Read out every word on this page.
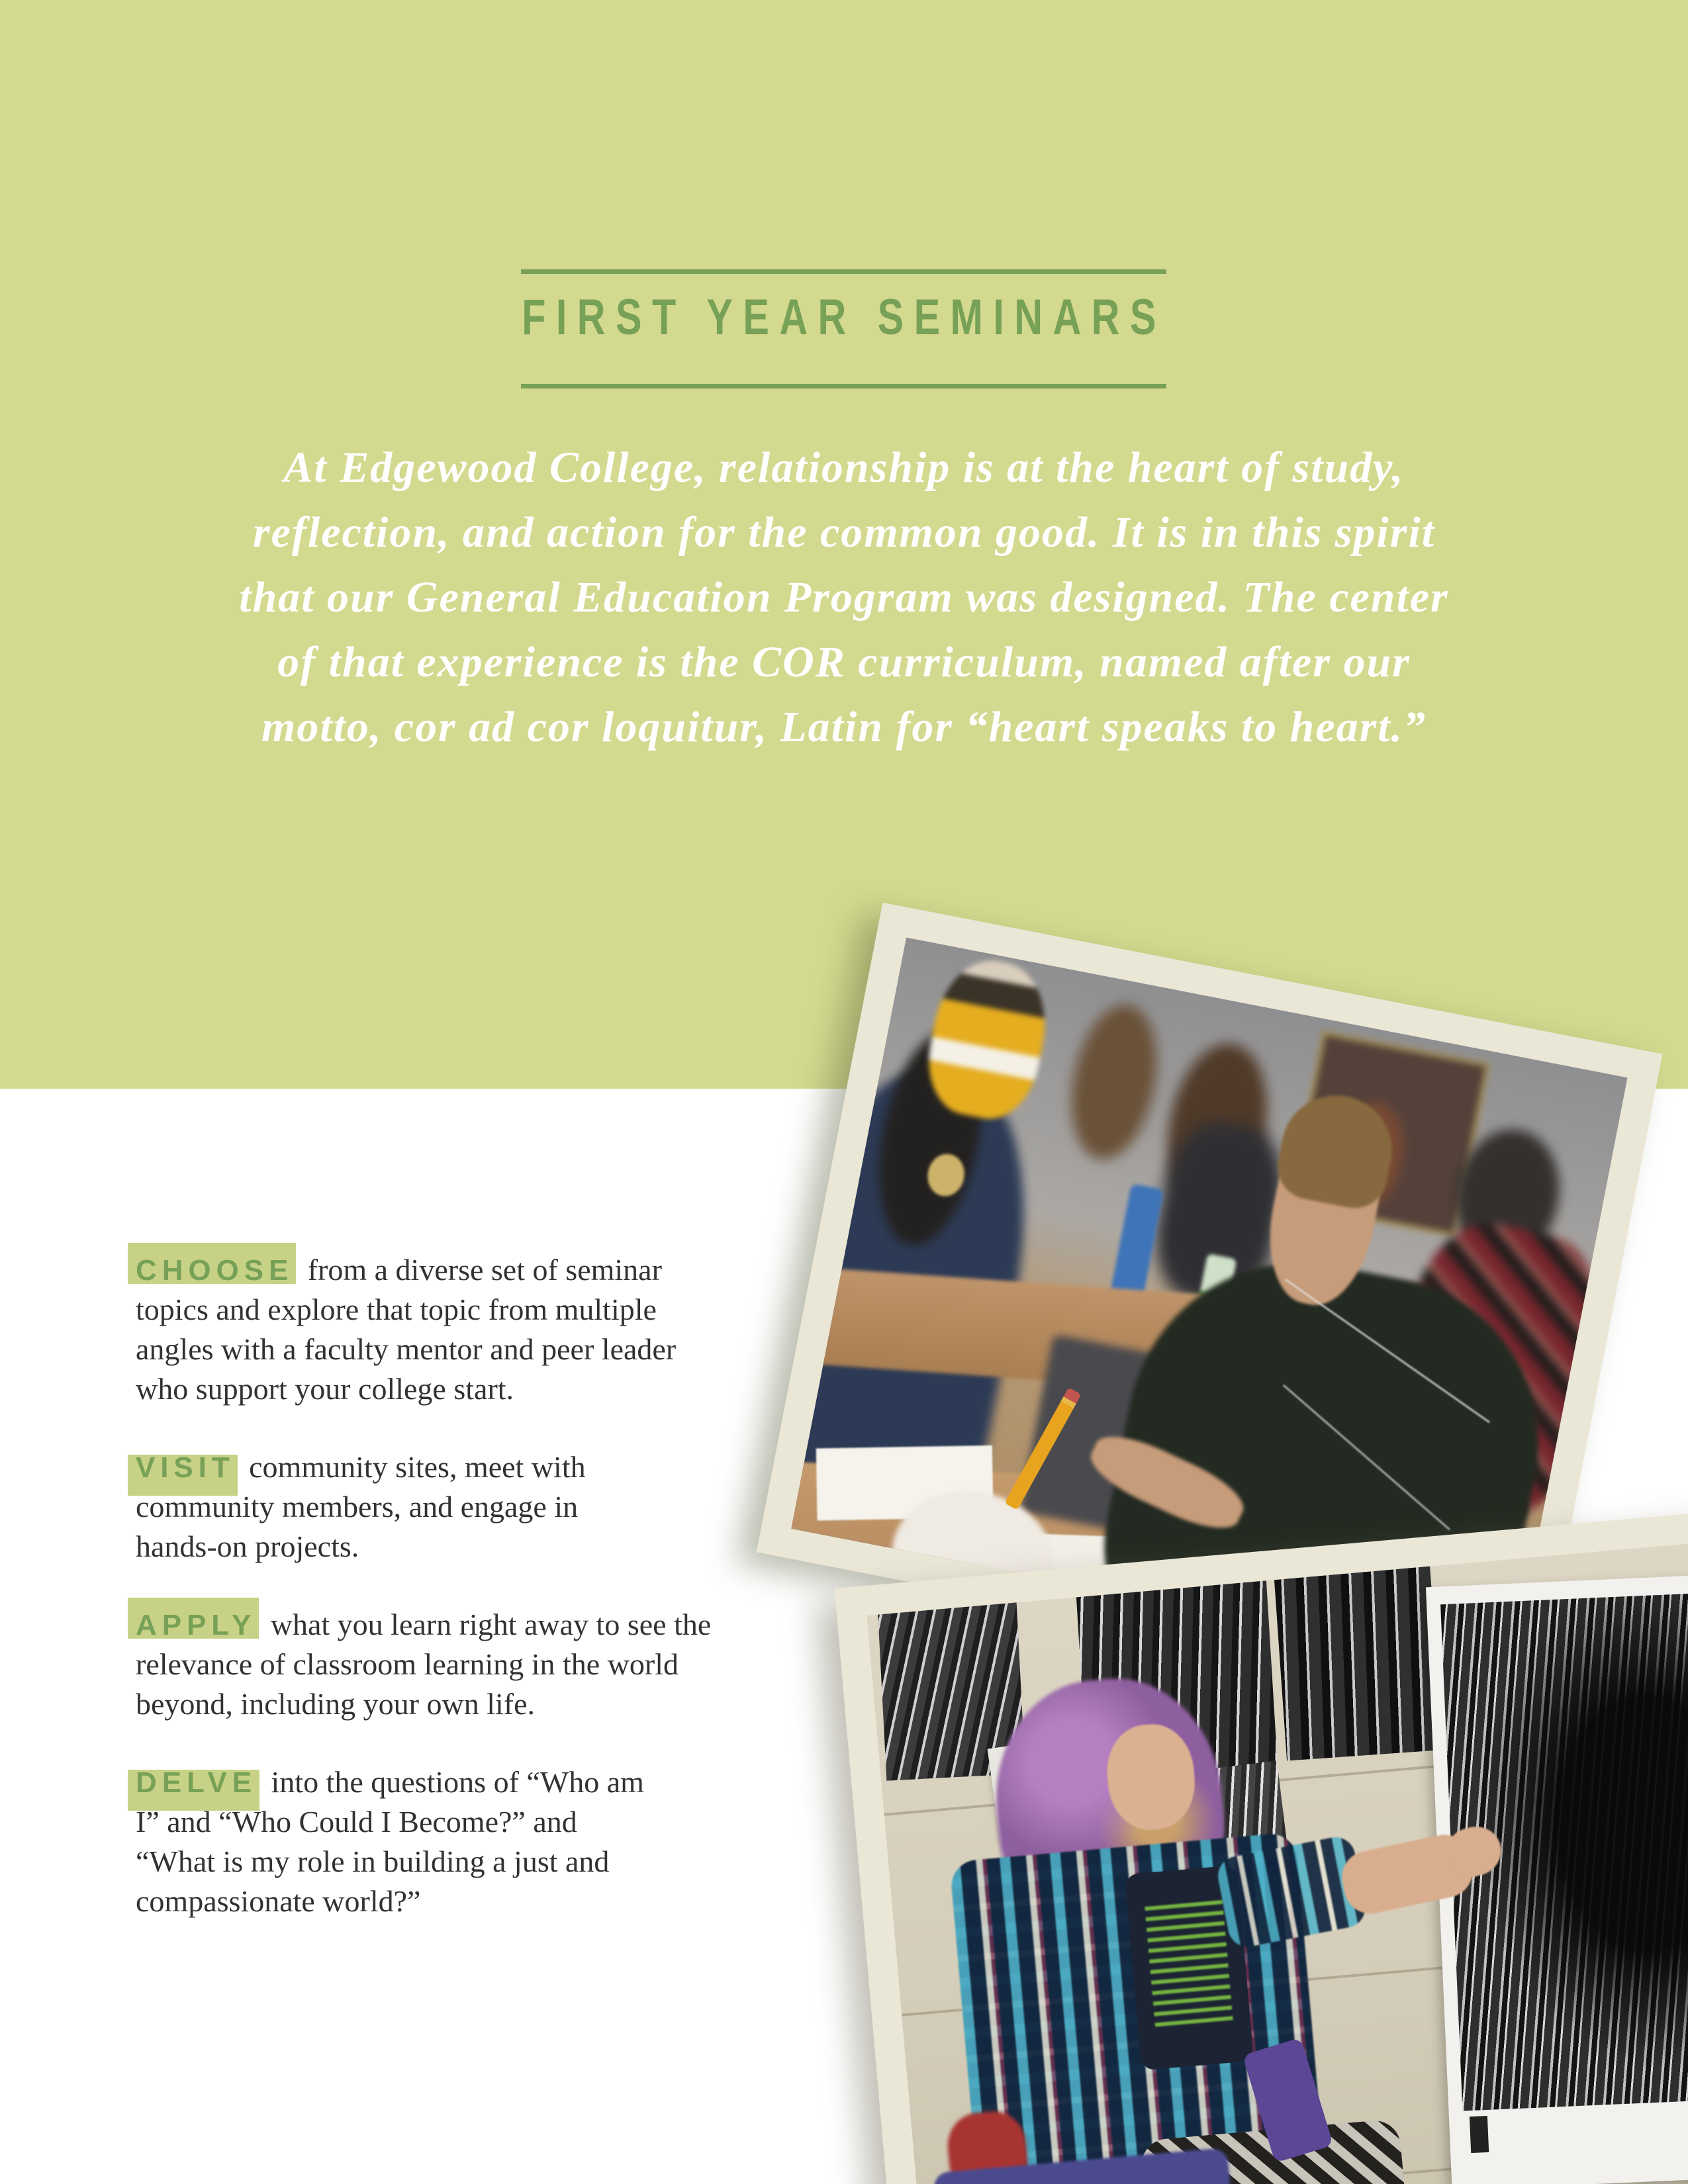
FIRST YEAR SEMINARS
At Edgewood College, relationship is at the heart of study,
reflection, and action for the common good. It is in this spirit
that our General Education Program was designed. The center
of that experience is the COR curriculum, named after our
motto, cor ad cor loquitur, Latin for “heart speaks to heart.”
CHOOSE from a diverse set of seminar
topics and explore that topic from multiple
angles with a faculty mentor and peer leader
who support your college start.
VISIT community sites, meet with
community members, and engage in
hands-on projects.
APPLY what you learn right away to see the
relevance of classroom learning in the world
beyond, including your own life.
DELVE into the questions of “Who am
I” and “Who Could I Become?” and
“What is my role in building a just and
compassionate world?”
